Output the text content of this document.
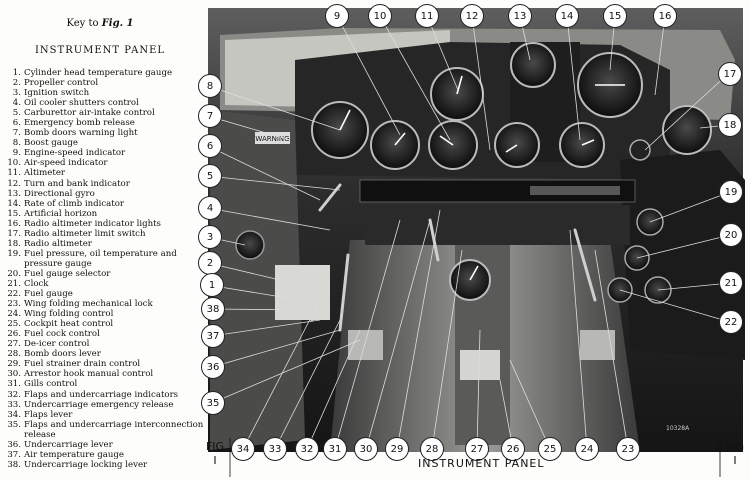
Key to Fig. 1
INSTRUMENT PANEL
1. Cylinder head temperature gauge
2. Propeller control
3. Ignition switch
4. Oil cooler shutters control
5. Carburettor air-intake control
6. Emergency bomb release
7. Bomb doors warning light
8. Boost gauge
9. Engine-speed indicator
10. Air-speed indicator
11. Altimeter
12. Turn and bank indicator
13. Directional gyro
14. Rate of climb indicator
15. Artificial horizon
16. Radio altimeter indicator lights
17. Radio altimeter limit switch
18. Radio altimeter
19. Fuel pressure, oil temperature and
pressure gauge
20. Fuel gauge selector
21. Clock
22. Fuel gauge
23. Wing folding mechanical lock
24. Wing folding control
25. Cockpit heat control
26. Fuel cock control
27. De-icer control
28. Bomb doors lever
29. Fuel strainer drain control
30. Arrestor hook manual control
31. Gills control
32. Flaps and undercarriage indicators
33. Undercarriage emergency release
34. Flaps lever
35. Flaps and undercarriage interconnection
release
36. Undercarriage lever
37. Air temperature gauge
38. Undercarriage locking lever
WARNING
10328A
9	10	11	12	13	14	15	16
17
18
8
7
6
5
4
3
2
1
38
37
36
35
19
20
21
22
34	33	32	31	30	29	28	27	26	25	24	23
FIG
I
FIG
I
INSTRUMENT PANEL
